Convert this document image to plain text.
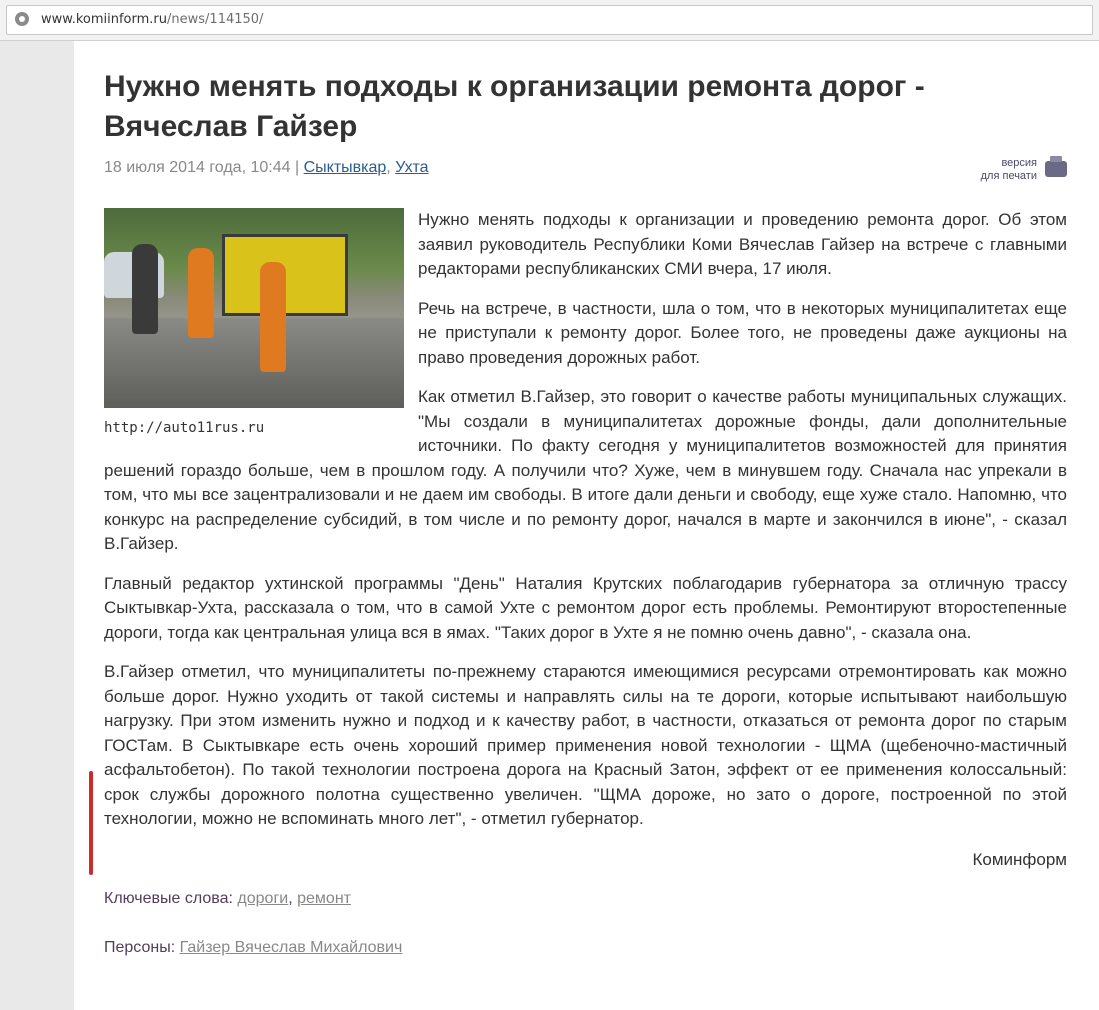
www.komiinform.ru/news/114150/
Нужно менять подходы к организации ремонта дорог - Вячеслав Гайзер
18 июля 2014 года, 10:44 | Сыктывкар, Ухта	версия
для печати
http://auto11rus.ru

Нужно менять подходы к организации и проведению ремонта дорог. Об этом заявил руководитель Республики Коми Вячеслав Гайзер на встрече с главными редакторами республиканских СМИ вчера, 17 июля.

Речь на встрече, в частности, шла о том, что в некоторых муниципалитетах еще не приступали к ремонту дорог. Более того, не проведены даже аукционы на право проведения дорожных работ.

Как отметил В.Гайзер, это говорит о качестве работы муниципальных служащих. "Мы создали в муниципалитетах дорожные фонды, дали дополнительные источники. По факту сегодня у муниципалитетов возможностей для принятия решений гораздо больше, чем в прошлом году. А получили что? Хуже, чем в минувшем году. Сначала нас упрекали в том, что мы все зацентрализовали и не даем им свободы. В итоге дали деньги и свободу, еще хуже стало. Напомню, что конкурс на распределение субсидий, в том числе и по ремонту дорог, начался в марте и закончился в июне", - сказал В.Гайзер.

Главный редактор ухтинской программы "День" Наталия Крутских поблагодарив губернатора за отличную трассу Сыктывкар-Ухта, рассказала о том, что в самой Ухте с ремонтом дорог есть проблемы. Ремонтируют второстепенные дороги, тогда как центральная улица вся в ямах. "Таких дорог в Ухте я не помню очень давно", - сказала она.

В.Гайзер отметил, что муниципалитеты по-прежнему стараются имеющимися ресурсами отремонтировать как можно больше дорог. Нужно уходить от такой системы и направлять силы на те дороги, которые испытывают наибольшую нагрузку. При этом изменить нужно и подход и к качеству работ, в частности, отказаться от ремонта дорог по старым ГОСТам. В Сыктывкаре есть очень хороший пример применения новой технологии - ЩМА (щебеночно-мастичный асфальтобетон). По такой технологии построена дорога на Красный Затон, эффект от ее применения колоссальный: срок службы дорожного полотна существенно увеличен. "ЩМА дороже, но зато о дороге, построенной по этой технологии, можно не вспоминать много лет", - отметил губернатор.

Коминформ
Ключевые слова: дороги, ремонт
Персоны: Гайзер Вячеслав Михайлович
